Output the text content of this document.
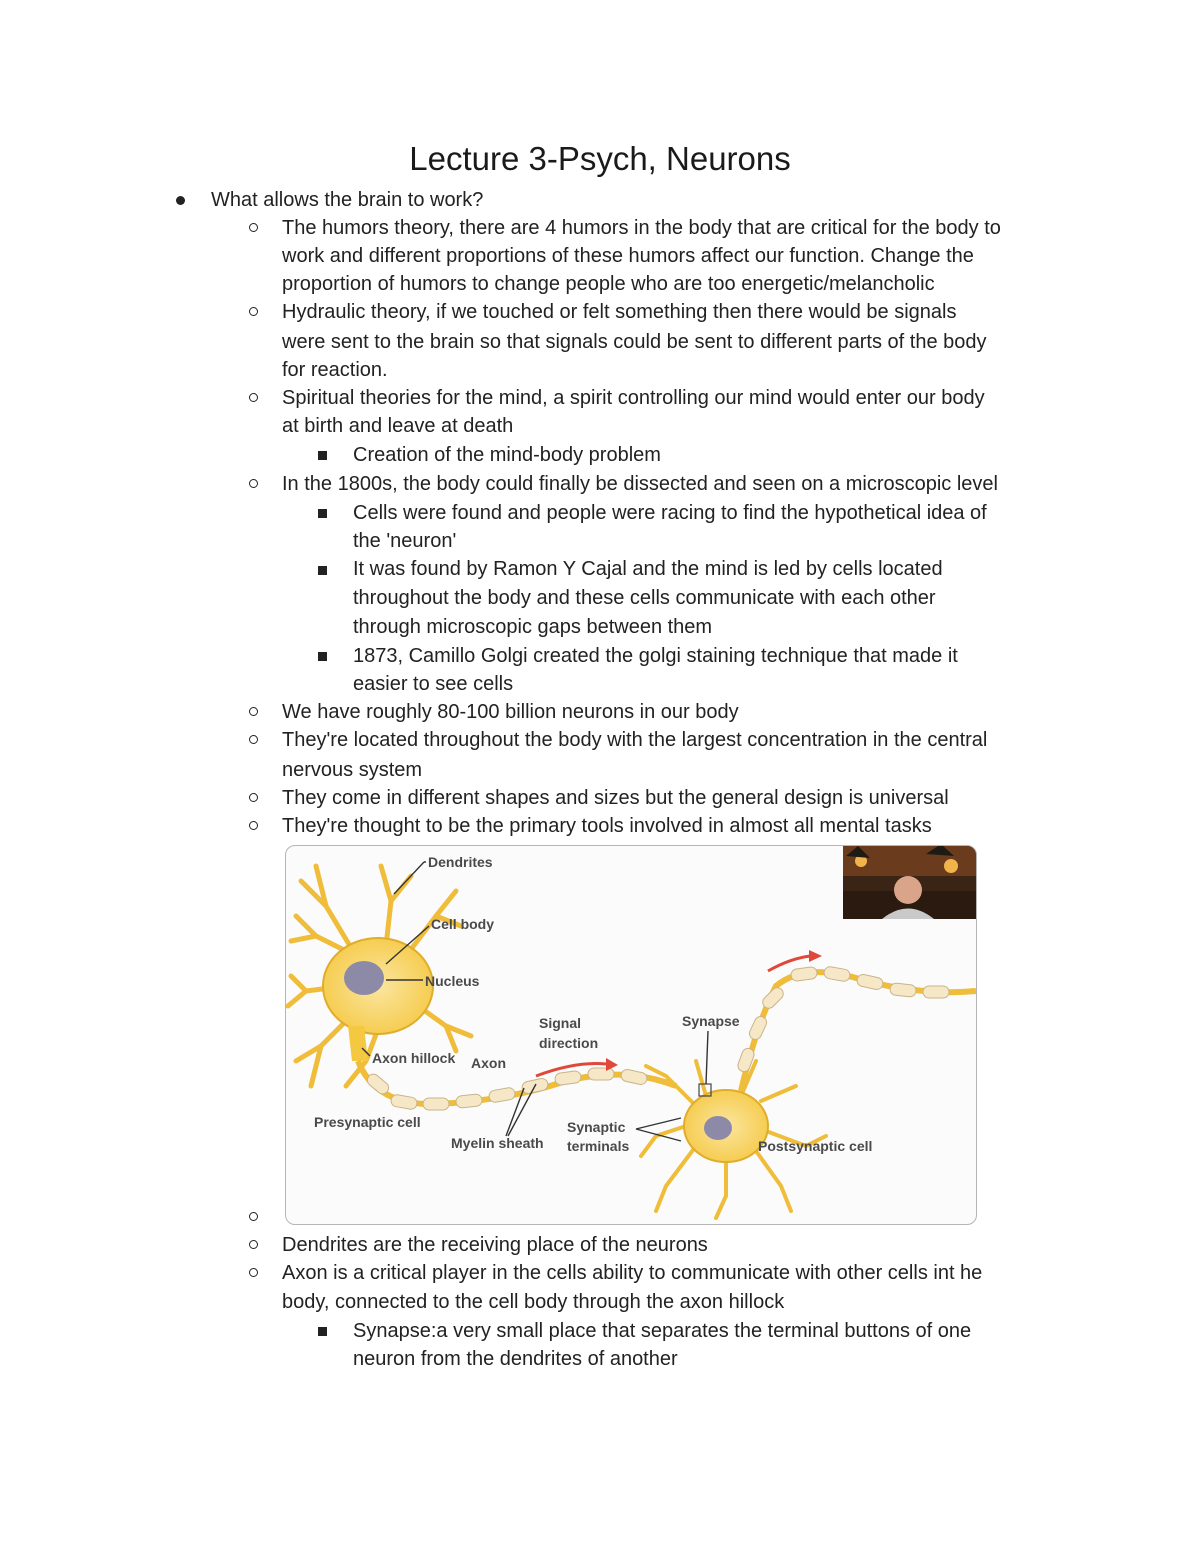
Lecture 3-Psych, Neurons
What allows the brain to work?
The humors theory, there are 4 humors in the body that are critical for the body to
work and different proportions of these humors affect our function. Change the
proportion of humors to change people who are too energetic/melancholic
Hydraulic theory, if we touched or felt something then there would be signals
were sent to the brain so that signals could be sent to different parts of the body
for reaction.
Spiritual theories for the mind, a spirit controlling our mind would enter our body
at birth and leave at death
Creation of the mind-body problem
In the 1800s, the body could finally be dissected and seen on a microscopic level
Cells were found and people were racing to find the hypothetical idea of
the 'neuron'
It was found by Ramon Y Cajal and the mind is led by cells located
throughout the body and these cells communicate with each other
through microscopic gaps between them
1873, Camillo Golgi created the golgi staining technique that made it
easier to see cells
We have roughly 80-100 billion neurons in our body
They're located throughout the body with the largest concentration in the central
nervous system
They come in different shapes and sizes but the general design is universal
They're thought to be the primary tools involved in almost all mental tasks
Dendrites are the receiving place of the neurons
Axon is a critical player in the cells ability to communicate with other cells int he
body, connected to the cell body through the axon hillock
Synapse:a very small place that separates the terminal buttons of one
neuron from the dendrites of another
Dendrites
Cell body
Nucleus
Axon hillock Axon
Signal
direction
Synapse
Presynaptic cell
Myelin sheath
Synaptic
terminals	Postsynaptic cell
